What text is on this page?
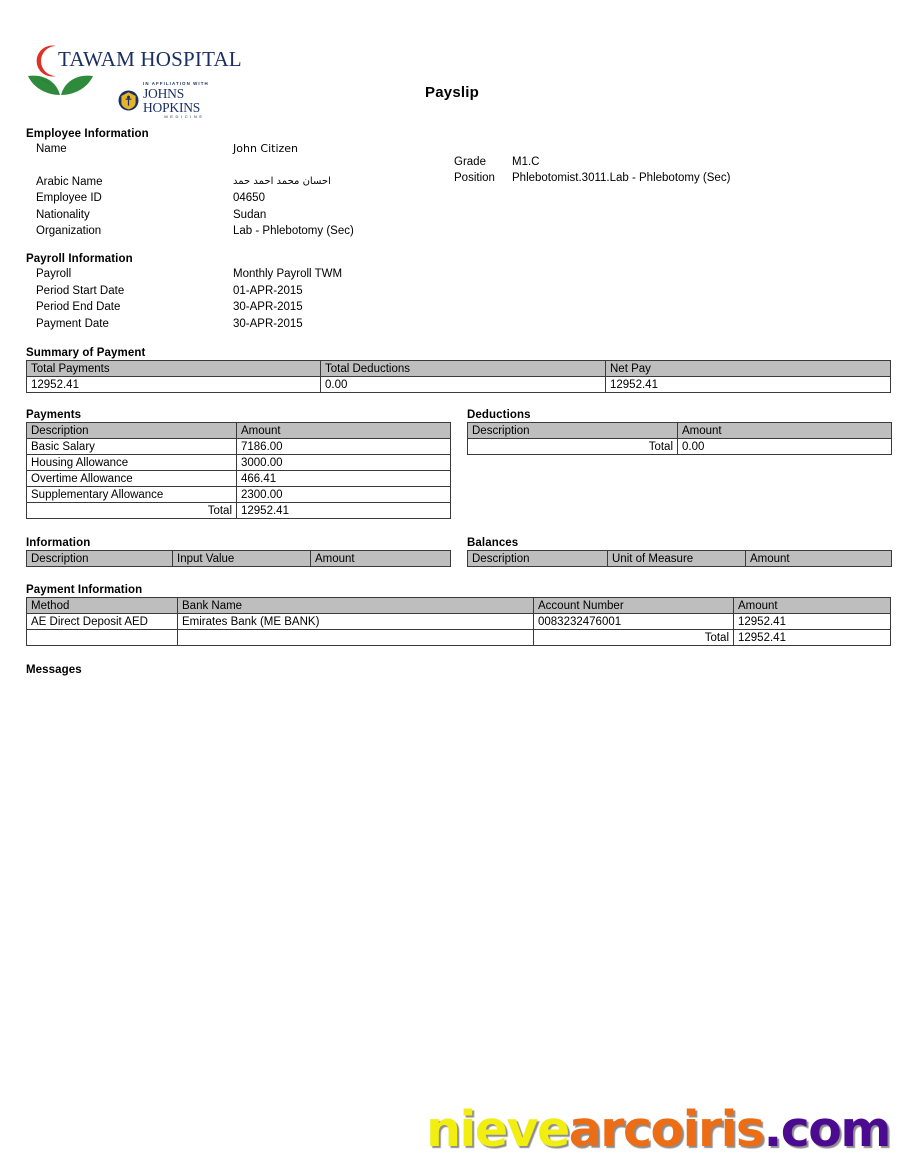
TAWAM HOSPITAL
IN AFFILIATION WITH
JOHNS HOPKINS
MEDICINE
Payslip
Employee Information
Name	John Citizen

Arabic Name	احسان محمد احمد حمد
Employee ID	04650
Nationality	Sudan
Organization	Lab - Phlebotomy (Sec)
Grade	M1.C
Position	Phlebotomist.3011.Lab - Phlebotomy (Sec)
Payroll Information
Payroll	Monthly Payroll TWM
Period Start Date	01-APR-2015
Period End Date	30-APR-2015
Payment Date	30-APR-2015
Summary of Payment
Total Payments	Total Deductions	Net Pay
12952.41	0.00	12952.41
Payments
Description	Amount
Basic Salary	7186.00
Housing Allowance	3000.00
Overtime Allowance	466.41
Supplementary Allowance	2300.00
Total	12952.41
Deductions
Description	Amount
Total	0.00
Information
Description	Input Value	Amount
Balances
Description	Unit of Measure	Amount
Payment Information
Method	Bank Name	Account Number	Amount
AE Direct Deposit AED	Emirates Bank (ME BANK)	0083232476001	12952.41
		Total	12952.41
Messages
nievearcoiris.com
